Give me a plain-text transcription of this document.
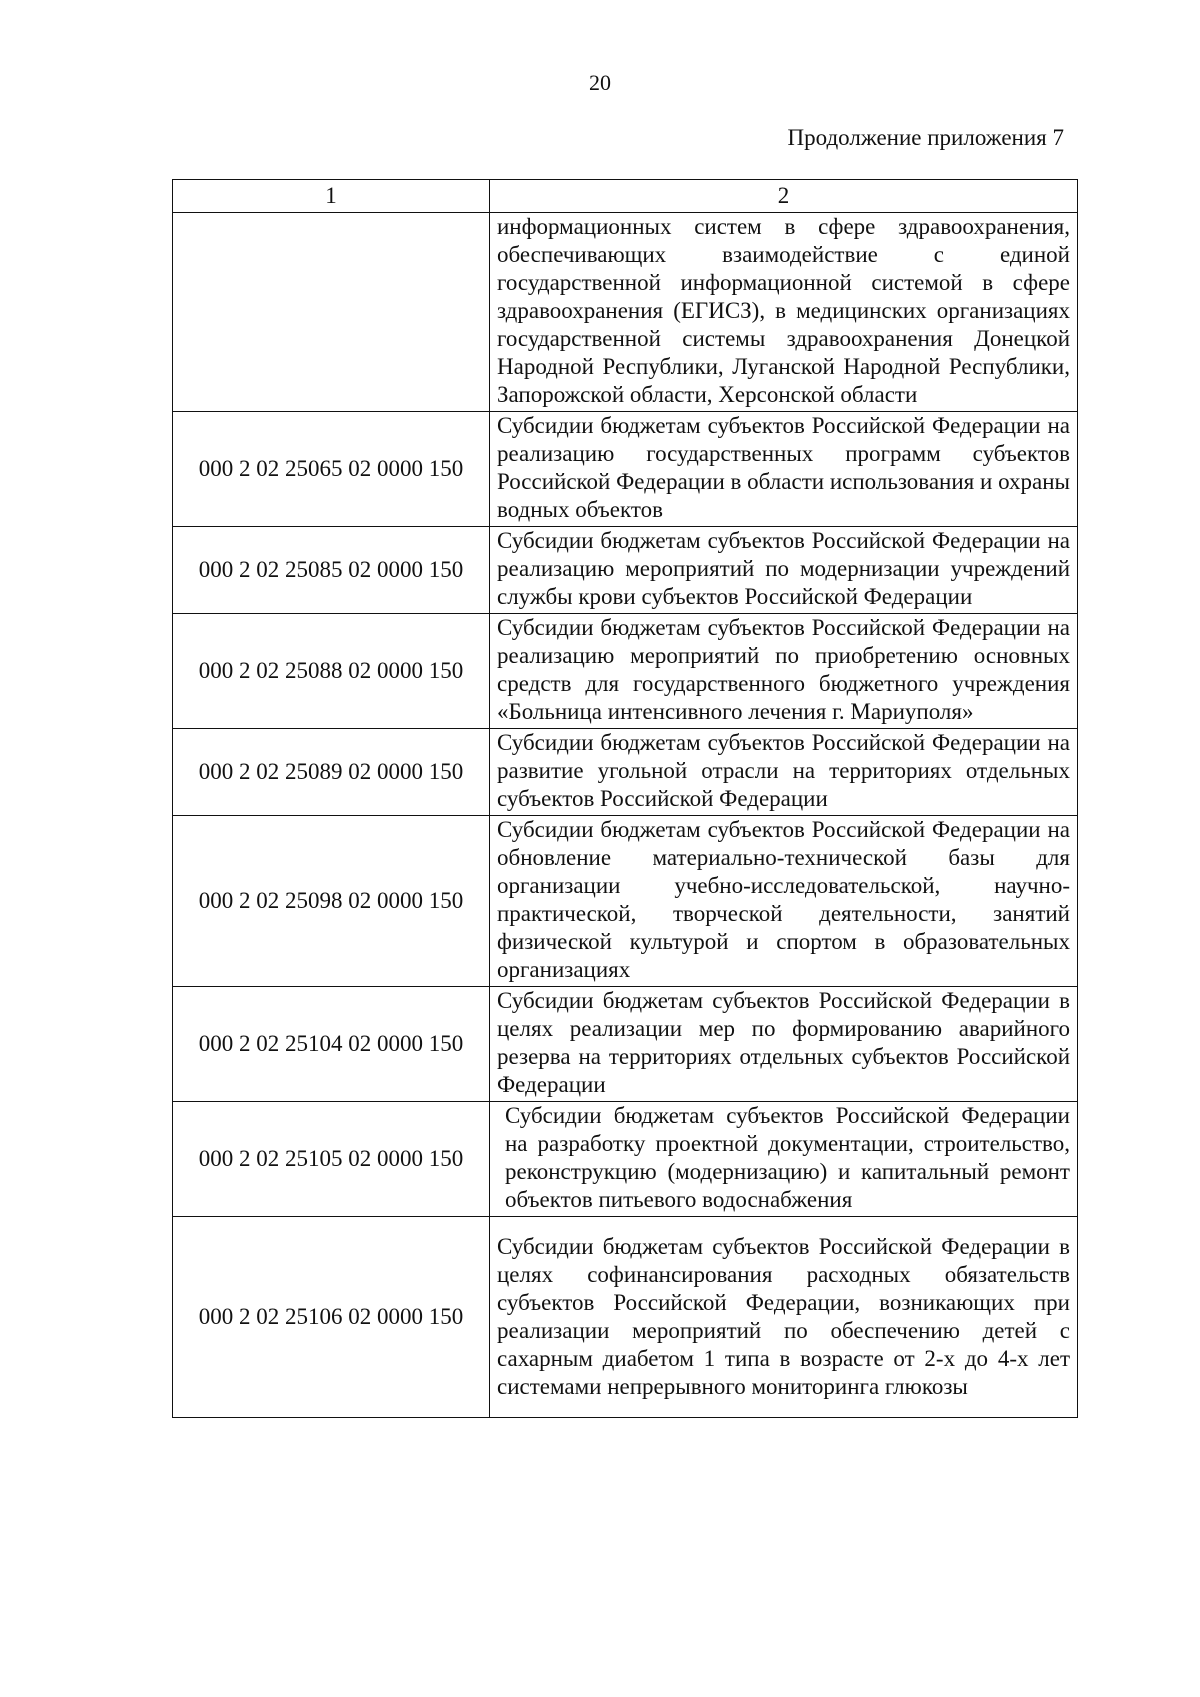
20
Продолжение приложения 7
1	2
	информационных систем в сфере здравоохранения, обеспечивающих взаимодействие с единой государственной информационной системой в сфере здравоохранения (ЕГИСЗ), в медицинских организациях государственной системы здравоохранения Донецкой Народной Республики, Луганской Народной Республики, Запорожской области, Херсонской области
000 2 02 25065 02 0000 150	Субсидии бюджетам субъектов Российской Федерации на реализацию государственных программ субъектов Российской Федерации в области использования и охраны водных объектов
000 2 02 25085 02 0000 150	Субсидии бюджетам субъектов Российской Федерации на реализацию мероприятий по модернизации учреждений службы крови субъектов Российской Федерации
000 2 02 25088 02 0000 150	Субсидии бюджетам субъектов Российской Федерации на реализацию мероприятий по приобретению основных средств для государственного бюджетного учреждения «Больница интенсивного лечения г. Мариуполя»
000 2 02 25089 02 0000 150	Субсидии бюджетам субъектов Российской Федерации на развитие угольной отрасли на территориях отдельных субъектов Российской Федерации
000 2 02 25098 02 0000 150	Субсидии бюджетам субъектов Российской Федерации на обновление материально-технической базы для организации учебно-исследовательской, научно-практической, творческой деятельности, занятий физической культурой и спортом в образовательных организациях
000 2 02 25104 02 0000 150	Субсидии бюджетам субъектов Российской Федерации в целях реализации мер по формированию аварийного резерва на территориях отдельных субъектов Российской Федерации
000 2 02 25105 02 0000 150	Субсидии бюджетам субъектов Российской Федерации на разработку проектной документации, строительство, реконструкцию (модернизацию) и капитальный ремонт объектов питьевого водоснабжения
000 2 02 25106 02 0000 150	Субсидии бюджетам субъектов Российской Федерации в целях софинансирования расходных обязательств субъектов Российской Федерации, возникающих при реализации мероприятий по обеспечению детей с сахарным диабетом 1 типа в возрасте от 2-х до 4-х лет системами непрерывного мониторинга глюкозы
